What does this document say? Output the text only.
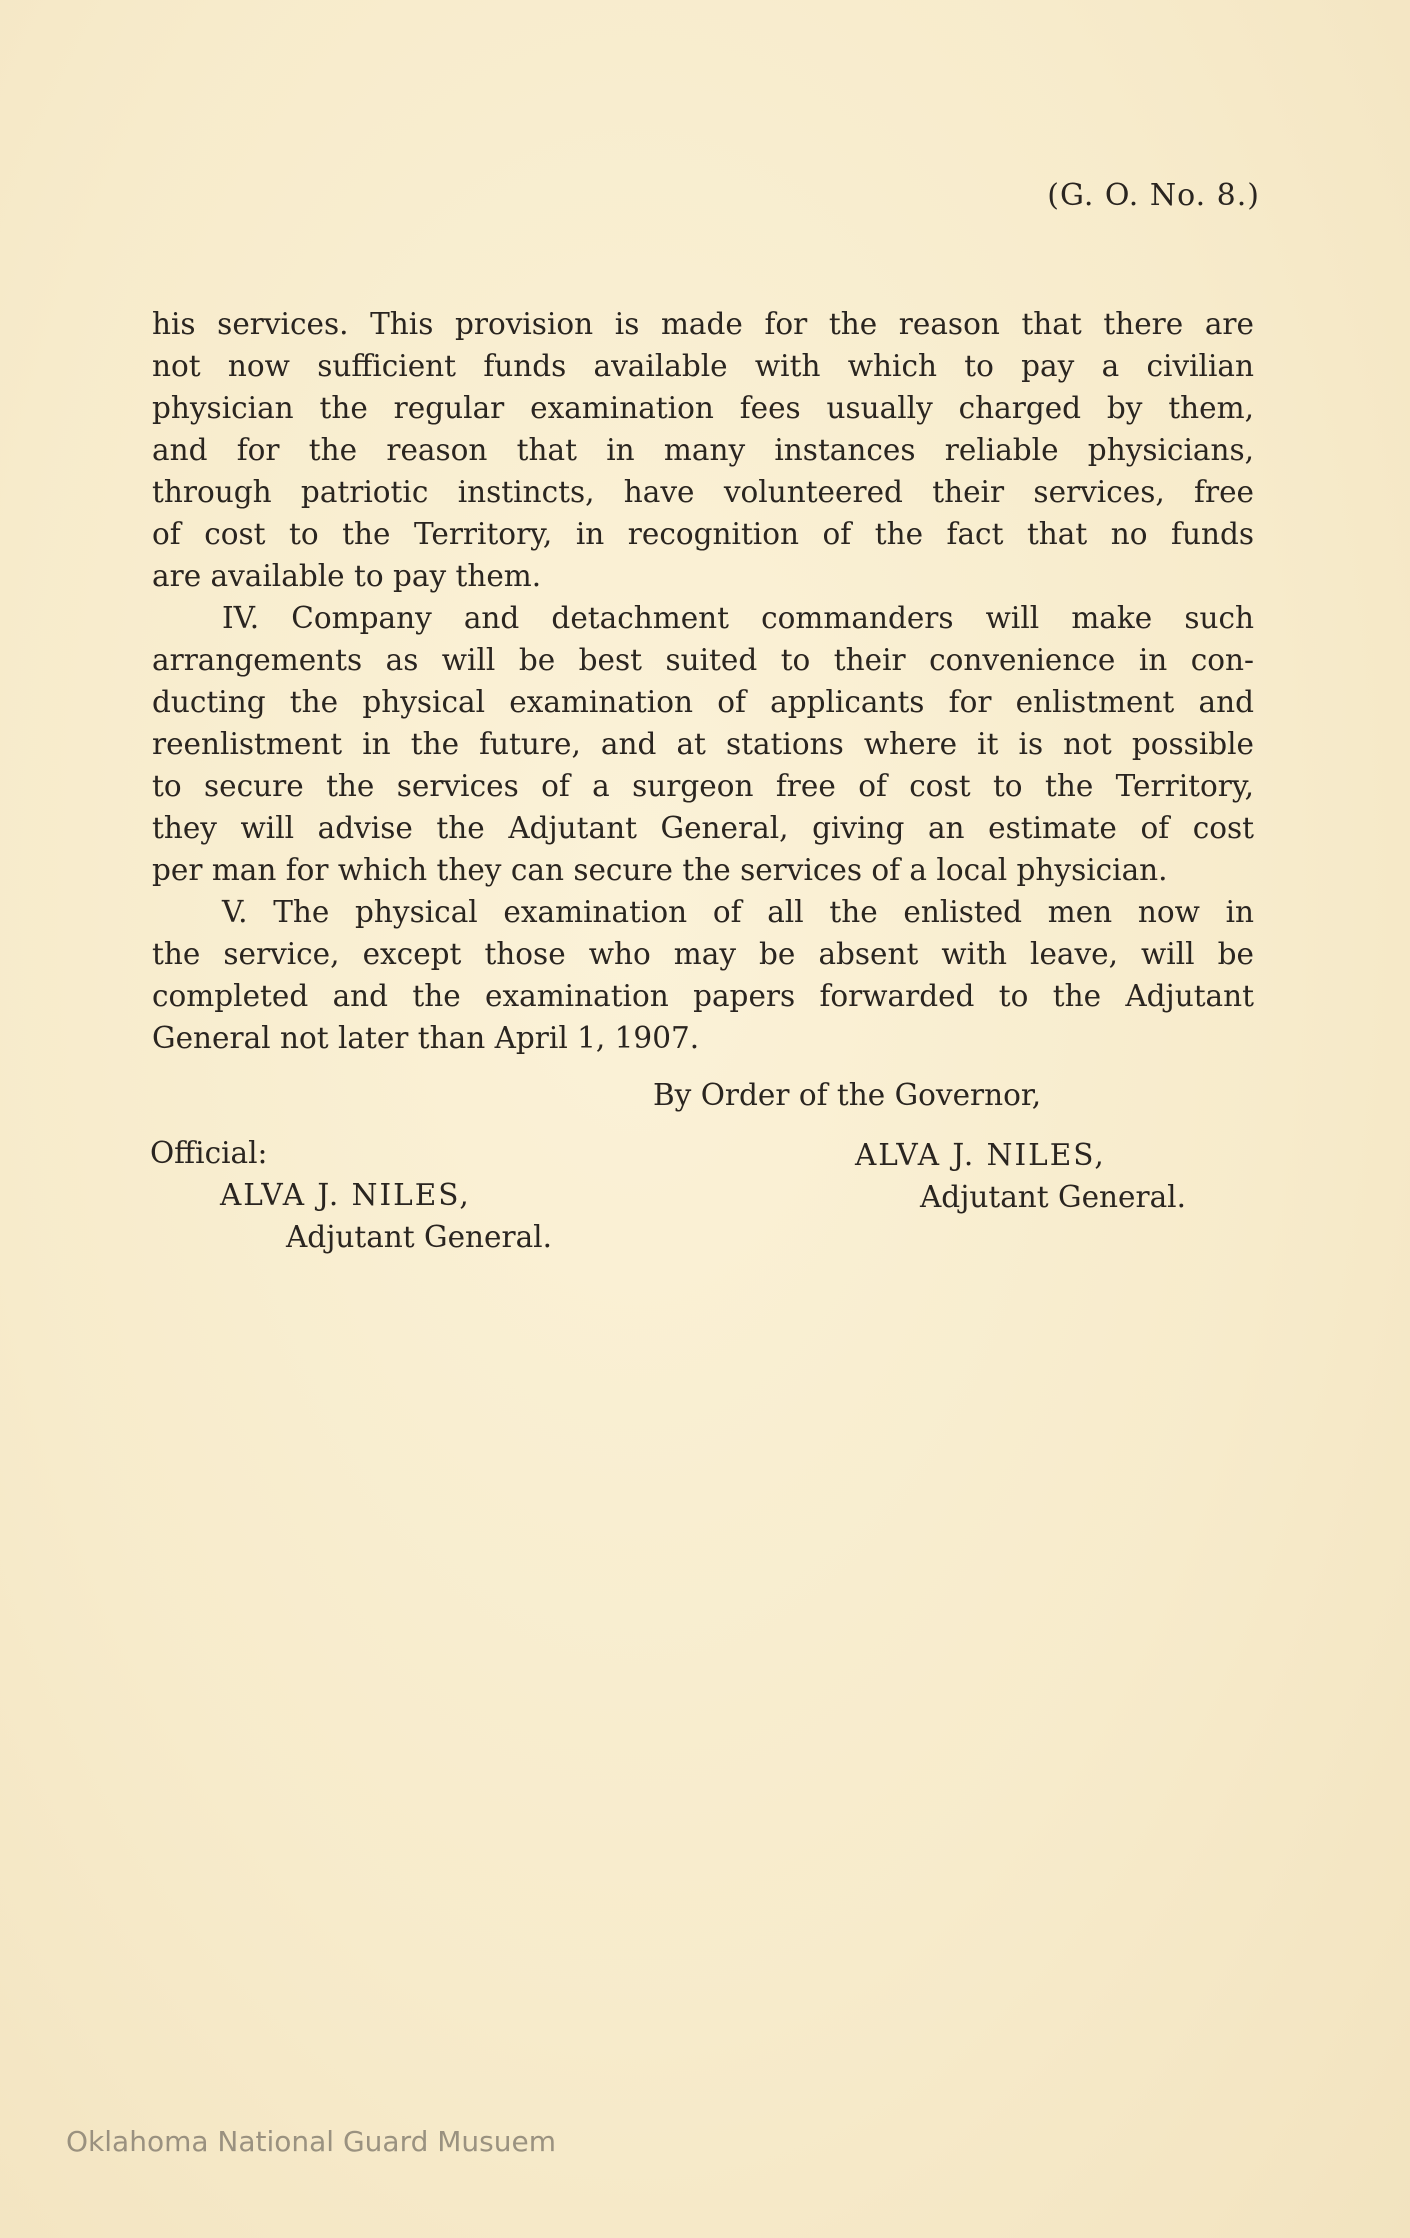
(G. O. No. 8.)

his services. This provision is made for the reason that there are
not now sufficient funds available with which to pay a civilian
physician the regular examination fees usually charged by them,
and for the reason that in many instances reliable physicians,
through patriotic instincts, have volunteered their services, free
of cost to the Territory, in recognition of the fact that no funds
are available to pay them.

IV. Company and detachment commanders will make such
arrangements as will be best suited to their convenience in con-
ducting the physical examination of applicants for enlistment and
reenlistment in the future, and at stations where it is not possible
to secure the services of a surgeon free of cost to the Territory,
they will advise the Adjutant General, giving an estimate of cost
per man for which they can secure the services of a local physician.

V. The physical examination of all the enlisted men now in
the service, except those who may be absent with leave, will be
completed and the examination papers forwarded to the Adjutant
General not later than April 1, 1907.

By Order of the Governor,
Official:
ALVA J. NILES,
Adjutant General.
ALVA J. NILES,
Adjutant General.
Oklahoma National Guard Musuem
